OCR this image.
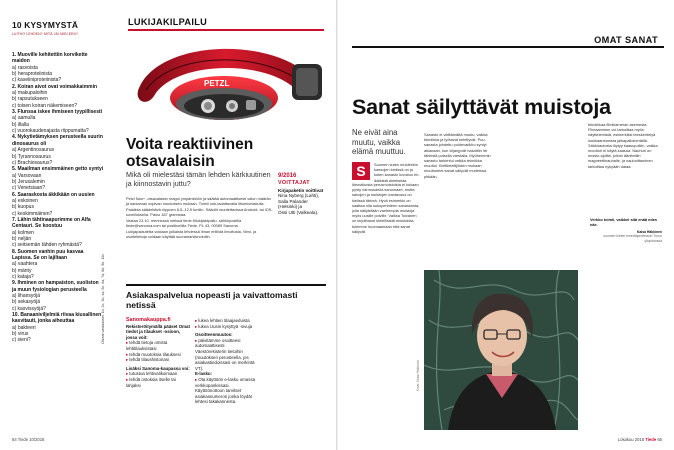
10 KYSYMYSTÄ
LUITKO LEHDEN? MITÄ JÄI MIELEEN?
1. Muoville kehitettiin korvikette maidon
a) rasvoista
b) heraproteiinista
c) kaseiiniproteiinista?
2. Koiran aivot ovat voimakkaimmin
a) makupaloihin
b) rapsutukseen
c) toisen koiran näkemiseen?
3. Flunssa iskee ihmiseen tyypillisesti
a) aamulla
b) illalla
c) vuorokaudenajasta riippumatta?
4. Nykytietämyksen perusteella suurin dinosaurus oli
a) Argentinosaurus
b) Tyrannosaurus
c) Brachiosaurus?
5. Maailman ensimmäinen getto syntyi
a) Varsovaan
b) Jerusalemin
c) Venetsiaan?
6. Saaraskosta äkkikään on uusien
a) eskoinen
b) kuopus
c) keskimmäinen?
7. Lähin tähtinaapurimme on Alfa Centauri. Se koostuu
a) kolmen
b) neljän
c) seitsemän tähden ryhmästä?
8. Suomen vanhin puu kasvaa Lapissa. Se on lajiltaan
a) vaahtera
b) mänty
c) kataja?
9. Ihminen on hampaiston, suoliston ja muun fysiologian perusteella
a) lihansyöjä
b) sekasyöjä
c) kasvissyöjä?
10. Banaaniviljelmiä riivaa kiusallinen kasvitauti, jonka aiheuttaa
a) bakteeri
b) virus
c) sieni?	Oikeat vastaukset: 1b, 2c, 3b, 4a, 5c, 6a, 7a, 8b, 9b, 10c
LUKIJAKILPAILU
PETZL
Voita reaktiivinen otsavalaisin
Mikä oli mielestäsi tämän lehden kärkiuutinen ja kiinnostavin juttu?

Petzl Nao+ -otsavalaisin reagoi ympäristöön ja säätää automaattisesti valon määrän ja kantaman sopivan muutoksen mukaan. Toimii usb-ladattavalla litiumioniakulla. Palaikka säädettävä riippuen 6,5–12,5 tuntiin. Säädöt muutettavissa Android- tai iOS-sovelluksella. Paino 187 grammaa.

Vastaa 23.10. mennessä netissä tiede.fi/lukijakilpailu, sähköpostilla tiede@sanoma.com tai postikortilla Tiede, PL 43, 00089 Sanoma.

Lukijapalautetta voidaan julkaista lehdessä ilman erillistä ilmoitusta. Nimi- ja osoitetietoja voidaan käyttää suoramarkkinointiin.

9/2016
VOITTAJAT
Kirjapaketin voittivat
Nina Nyberg (Lahti),
Salla Palander (Helsinki) ja
Ossi Utti (Valkeala).
Asiakaspalvelua nopeasti ja vaivattomasti netissä
Sanomakauppa.fi
Rekisteröitymällä pääset Omat tiedot ja tilaukset -osioon, jossa voit:
▸ tehdä tietoja omista lehtitilauksistasi
▸ tehdä muutoksia tilauksesi
▸ tehdä tilaushistoriasi
Lisäksi Sanoma-kaupassa voi:
▸ tutustua lehtivalikoimaan
▸ tehdä ostoksia itselle tai lahjaksi
▸ lukea lehtien tilaajaeduista
▸ lukea Uusin kysyttyä -sivuja
Osoitteenmuutos:
▸ päivitämme osoitteesi automaattisesti Väestörekisterin tietoihin (muutoksen perusteella, jos asiakastiedoissasi on merkintä VT).
E-lasku:
▸ Ota käyttöön e-lasku omassa verkkopankissasi. Käyttöönottoon tarvitset asiakasnumeron jonka löydät lehtesi takakannesta.
64 Tiede 10/2016
OMAT SANAT
Sanat säilyttävät muistoja
Ne eivät aina muutu, vaikka elämä muuttuu.
S	Suomen kuten muidenkin kansojen kielissä on ja kuten sanasto koostuu eri-ikäisistä aineksista.
Iktraviikosta perusmuistoista ei kukaan pysty varmuudella sanomaan, mutta sanojen ja muistojen kantavuus on kielissä tärkeä. Hyvä esimerkki on saattaa olla sukuperinteen sanastoista, jolla säilytetään vanhempia muistoja myös uusille polville. Vaikka Toivanen on kirjoittanut kielellisistä muistoista, tulemme huomaamaan että sanat säilyvät.
Sanasto ei välttämättä muutu, vaikka tekniikka ja työtavat kehittyvät. Puu-sanasta johdettu puidevarikko syntyi aikanaan, kun viljanjyvät hakattiin irti tähkistä puisella varstalla. Myöhemmin sanasto tarkentui vaikka tekniikka muuttui. Kielitieteilijöiden mukaan muuttuneet sanat säilyvät murteissa pitkään.
tekniikkaa filmikameran asemesta. Filmaaminen voi tarkoittaa myös näyttelemistä, esimerkiksi teeskentelyä loukkaantumista jalkapallokentällä. Sähköautosta löytyy kaasupolkin, vaikka moottori ei käytä kaasua. Nauhuri on muisto ajoilta, jolloin äänitettiin magneettinauhalle, ja nauhoittaminen tarkoittaa nykyään dataa.
Verkko toimii, vaikkei sitä enää edes näe.
Kaisa Häkkinen
suomen kielen emeritaprofessori Turun yliopistossa
Kuva: Kaisa Häkkinen
Lokakuu 2016 Tiede 65
